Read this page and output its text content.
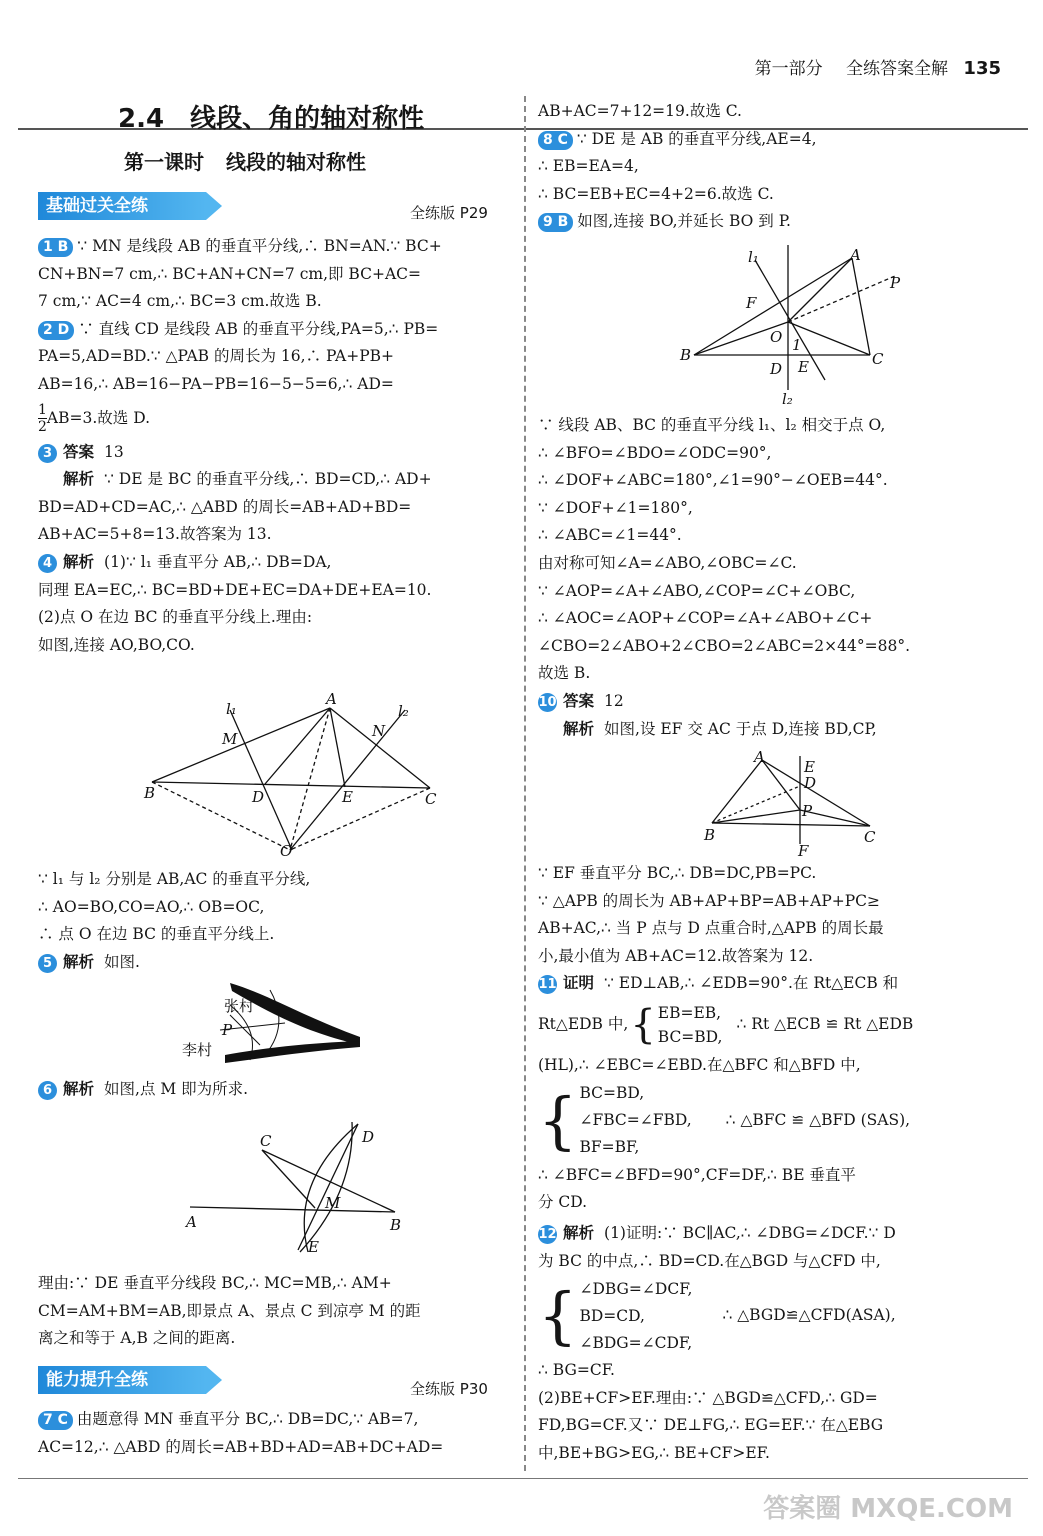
第一部分 全练答案全解 135
2.4 线段、角的轴对称性
第一课时 线段的轴对称性
基础过关全练	全练版 P29
1 B ∵ MN 是线段 AB 的垂直平分线,∴ BN=AN.∵ BC+
CN+BN=7 cm,∴ BC+AN+CN=7 cm,即 BC+AC=
7 cm,∵ AC=4 cm,∴ BC=3 cm.故选 B.
2 D ∵ 直线 CD 是线段 AB 的垂直平分线,PA=5,∴ PB=
PA=5,AD=BD.∵ △PAB 的周长为 16,∴ PA+PB+
AB=16,∴ AB=16−PA−PB=16−5−5=6,∴ AD=
$\frac{1}{2} AB=3$.故选 D.
3 答案 13
解析 ∵ DE 是 BC 的垂直平分线,∴ BD=CD,∴ AD+
BD=AD+CD=AC,∴ △ABD 的周长=AB+AD+BD=
AB+AC=5+8=13.故答案为 13.
4 解析 (1)∵ l₁ 垂直平分 AB,∴ DB=DA,
同理 EA=EC,∴ BC=BD+DE+EC=DA+DE+EA=10.
(2)点 O 在边 BC 的垂直平分线上.理由:
如图,连接 AO,BO,CO.
A
B	C
D	E
M	N
O
l₁	l₂
∵ l₁ 与 l₂ 分别是 AB,AC 的垂直平分线,
∴ AO=BO,CO=AO,∴ OB=OC,
∴ 点 O 在边 BC 的垂直平分线上.
5 解析 如图.
张村
李村
P
6 解析 如图,点 M 即为所求.
C	D
A	B
M
E
理由:∵ DE 垂直平分线段 BC,∴ MC=MB,∴ AM+
CM=AM+BM=AB,即景点 A、景点 C 到凉亭 M 的距
离之和等于 A,B 之间的距离.
能力提升全练	全练版 P30
7 C 由题意得 MN 垂直平分 BC,∴ DB=DC,∵ AB=7,
AC=12,∴ △ABD 的周长=AB+BD+AD=AB+DC+AD=
AB+AC=7+12=19.故选 C.
8 C ∵ DE 是 AB 的垂直平分线,AE=4,
∴ EB=EA=4,
∴ BC=EB+EC=4+2=6.故选 C.
9 B 如图,连接 BO,并延长 BO 到 P.
A
B	C
F
O 1
E
D
P
l₁
l₂
∵ 线段 AB、BC 的垂直平分线 l₁、l₂ 相交于点 O,
∴ ∠BFO=∠BDO=∠ODC=90°,
∴ ∠DOF+∠ABC=180°,∠1=90°−∠OEB=44°.
∵ ∠DOF+∠1=180°,
∴ ∠ABC=∠1=44°.
由对称可知∠A=∠ABO,∠OBC=∠C.
∵ ∠AOP=∠A+∠ABO,∠COP=∠C+∠OBC,
∴ ∠AOC=∠AOP+∠COP=∠A+∠ABO+∠C+
∠CBO=2∠ABO+2∠CBO=2∠ABC=2×44°=88°.
故选 B.
10 答案 12
解析 如图,设 EF 交 AC 于点 D,连接 BD,CP,
A
B	C
E
D
P
F
∵ EF 垂直平分 BC,∴ DB=DC,PB=PC.
∵ △APB 的周长为 AB+AP+BP=AB+AP+PC≥
AB+AC,∴ 当 P 点与 D 点重合时,△APB 的周长最
小,最小值为 AB+AC=12.故答案为 12.
11 证明 ∵ ED⊥AB,∴ ∠EDB=90°.在 Rt△ECB 和
Rt△EDB 中, { EB=EB,
BC=BD,
∴ Rt △ECB ≌ Rt △EDB
(HL),∴ ∠EBC=∠EBD.在△BFC 和△BFD 中,
{ BC=BD,
∠FBC=∠FBD,
BF=BF,
∴ △BFC ≌ △BFD (SAS),
∴ ∠BFC=∠BFD=90°,CF=DF,∴ BE 垂直平
分 CD.
12 解析 (1)证明:∵ BC∥AC,∴ ∠DBG=∠DCF.∵ D
为 BC 的中点,∴ BD=CD.在△BGD 与△CFD 中,
{ ∠DBG=∠DCF,
BD=CD,
∠BDG=∠CDF,
∴ △BGD≌△CFD(ASA),
∴ BG=CF.
(2)BE+CF>EF.理由:∵ △BGD≌△CFD,∴ GD=
FD,BG=CF.又∵ DE⊥FG,∴ EG=EF.∵ 在△EBG
中,BE+BG>EG,∴ BE+CF>EF.
答案圈 MXQE.COM
